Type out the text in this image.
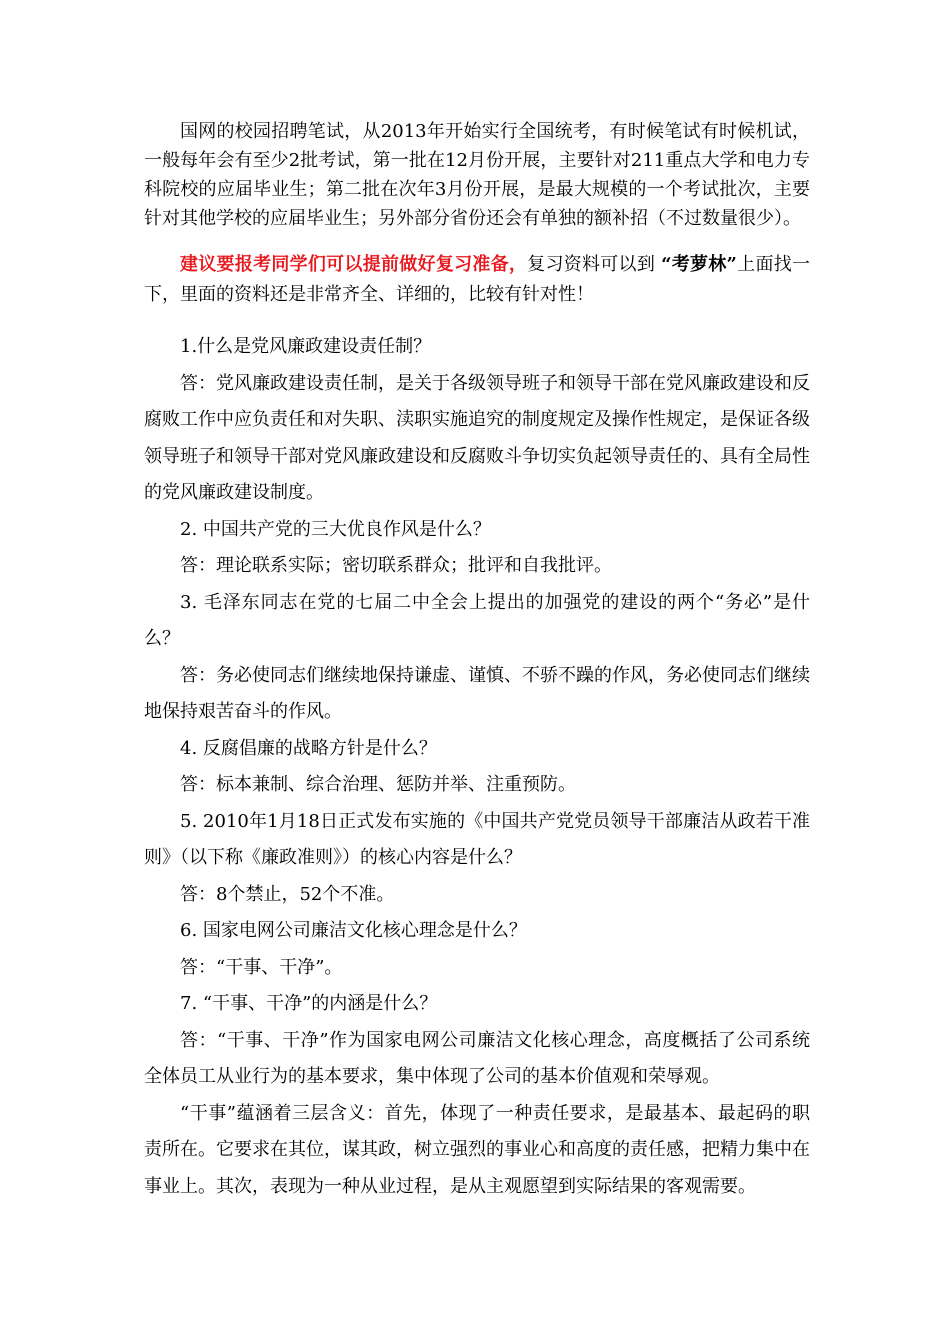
国网的校园招聘笔试，从2013年开始实行全国统考，有时候笔试有时候机试，一般每年会有至少2批考试，第一批在12月份开展，主要针对211重点大学和电力专科院校的应届毕业生；第二批在次年3月份开展，是最大规模的一个考试批次，主要针对其他学校的应届毕业生；另外部分省份还会有单独的额补招（不过数量很少）。

建议要报考同学们可以提前做好复习准备，复习资料可以到 “考萝林”上面找一下，里面的资料还是非常齐全、详细的，比较有针对性！

1.什么是党风廉政建设责任制？

答：党风廉政建设责任制，是关于各级领导班子和领导干部在党风廉政建设和反腐败工作中应负责任和对失职、渎职实施追究的制度规定及操作性规定，是保证各级领导班子和领导干部对党风廉政建设和反腐败斗争切实负起领导责任的、具有全局性的党风廉政建设制度。

2. 中国共产党的三大优良作风是什么？

答：理论联系实际；密切联系群众；批评和自我批评。

3. 毛泽东同志在党的七届二中全会上提出的加强党的建设的两个“务必”是什么？

答：务必使同志们继续地保持谦虚、谨慎、不骄不躁的作风，务必使同志们继续地保持艰苦奋斗的作风。

4. 反腐倡廉的战略方针是什么？

答：标本兼制、综合治理、惩防并举、注重预防。

5. 2010年1月18日正式发布实施的《中国共产党党员领导干部廉洁从政若干准则》（以下称《廉政准则》）的核心内容是什么？

答：8个禁止，52个不准。

6. 国家电网公司廉洁文化核心理念是什么？

答：“干事、干净”。

7. “干事、干净”的内涵是什么？

答：“干事、干净”作为国家电网公司廉洁文化核心理念，高度概括了公司系统全体员工从业行为的基本要求，集中体现了公司的基本价值观和荣辱观。

“干事”蕴涵着三层含义：首先，体现了一种责任要求，是最基本、最起码的职责所在。它要求在其位，谋其政，树立强烈的事业心和高度的责任感，把精力集中在事业上。其次，表现为一种从业过程，是从主观愿望到实际结果的客观需要。
